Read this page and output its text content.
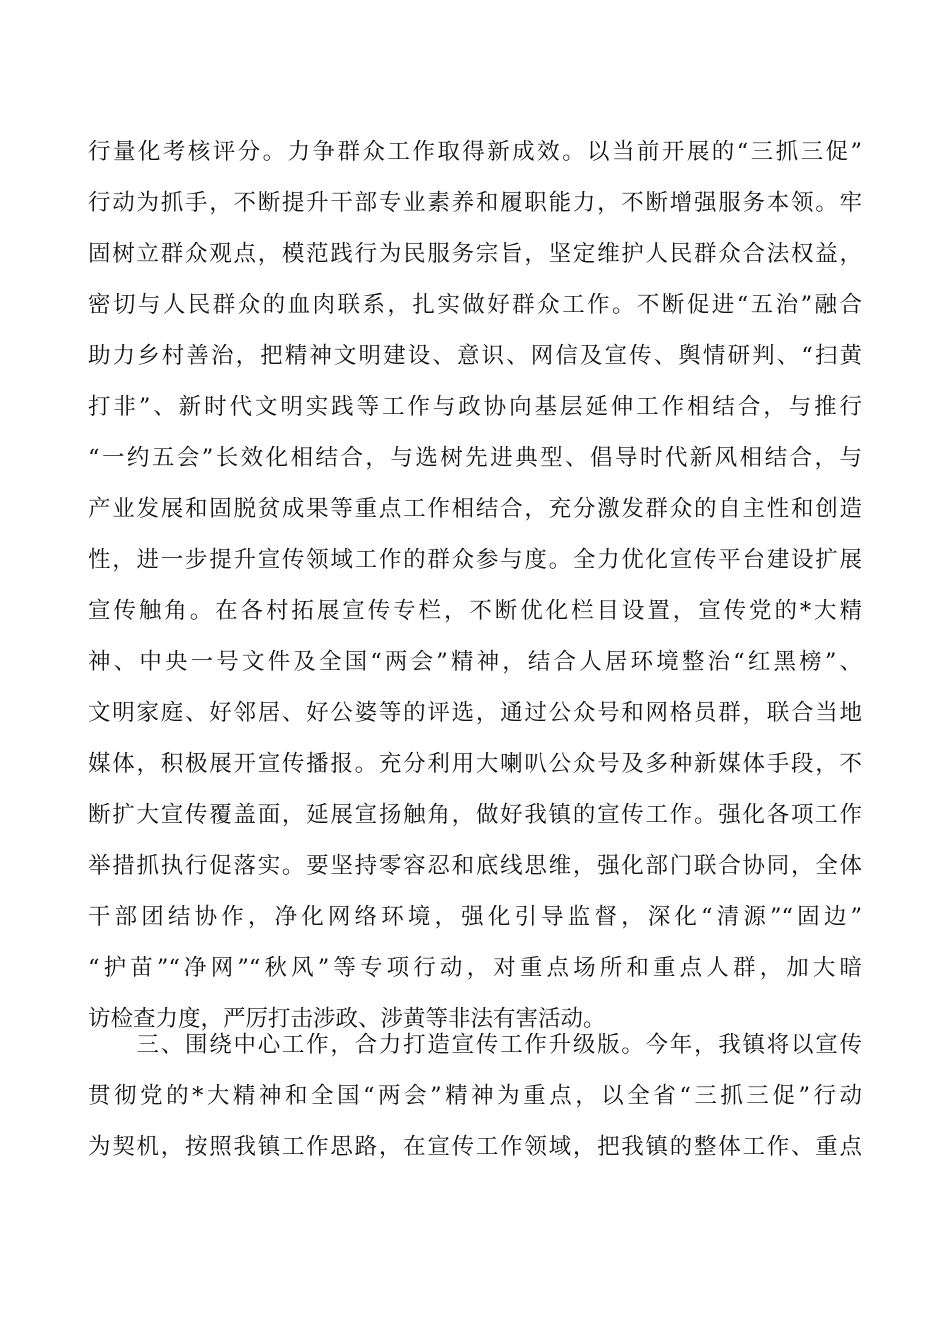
行量化考核评分。力争群众工作取得新成效。以当前开展的“三抓三促”
行动为抓手，不断提升干部专业素养和履职能力，不断增强服务本领。牢
固树立群众观点，模范践行为民服务宗旨，坚定维护人民群众合法权益，
密切与人民群众的血肉联系，扎实做好群众工作。不断促进“五治”融合
助力乡村善治，把精神文明建设、意识、网信及宣传、舆情研判、“扫黄
打非”、新时代文明实践等工作与政协向基层延伸工作相结合，与推行
“一约五会”长效化相结合，与选树先进典型、倡导时代新风相结合，与
产业发展和固脱贫成果等重点工作相结合，充分激发群众的自主性和创造
性，进一步提升宣传领域工作的群众参与度。全力优化宣传平台建设扩展
宣传触角。在各村拓展宣传专栏，不断优化栏目设置，宣传党的*大精
神、中央一号文件及全国“两会”精神，结合人居环境整治“红黑榜”、
文明家庭、好邻居、好公婆等的评选，通过公众号和网格员群，联合当地
媒体，积极展开宣传播报。充分利用大喇叭公众号及多种新媒体手段，不
断扩大宣传覆盖面，延展宣扬触角，做好我镇的宣传工作。强化各项工作
举措抓执行促落实。要坚持零容忍和底线思维，强化部门联合协同，全体
干部团结协作，净化网络环境，强化引导监督，深化“清源”“固边”
“护苗”“净网”“秋风”等专项行动，对重点场所和重点人群，加大暗
访检查力度，严厉打击涉政、涉黄等非法有害活动。
　　三、围绕中心工作，合力打造宣传工作升级版。今年，我镇将以宣传
贯彻党的*大精神和全国“两会”精神为重点，以全省“三抓三促”行动
为契机，按照我镇工作思路，在宣传工作领域，把我镇的整体工作、重点
